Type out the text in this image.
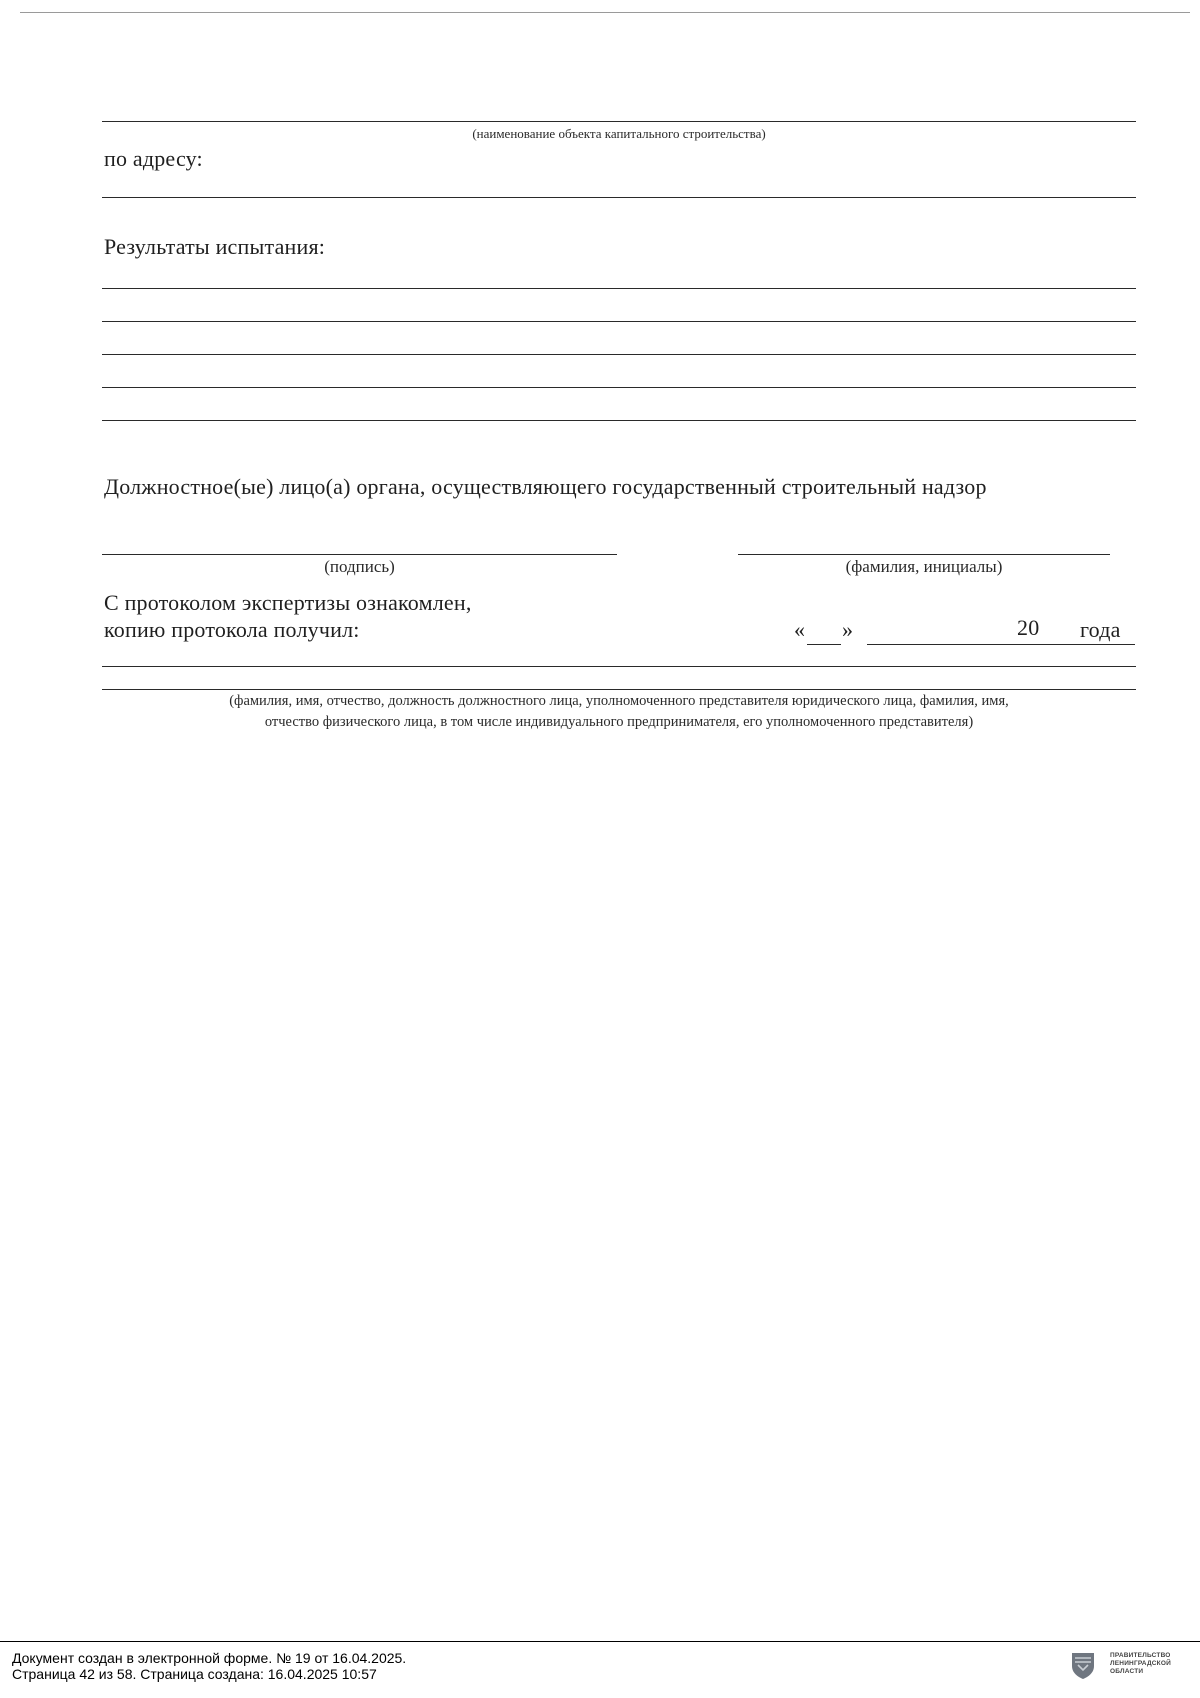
(наименование объекта капитального строительства)
по адресу:
Результаты испытания:
Должностное(ые) лицо(а) органа, осуществляющего государственный строительный надзор
(подпись)	(фамилия, инициалы)
С протоколом экспертизы ознакомлен,
копию протокола получил:	« »	20 года
(фамилия, имя, отчество, должность должностного лица, уполномоченного представителя юридического лица, фамилия, имя,
отчество физического лица, в том числе индивидуального предпринимателя, его уполномоченного представителя)
Документ создан в электронной форме. № 19 от 16.04.2025.
Страница 42 из 58. Страница создана: 16.04.2025 10:57
ПРАВИТЕЛЬСТВО
ЛЕНИНГРАДСКОЙ
ОБЛАСТИ
